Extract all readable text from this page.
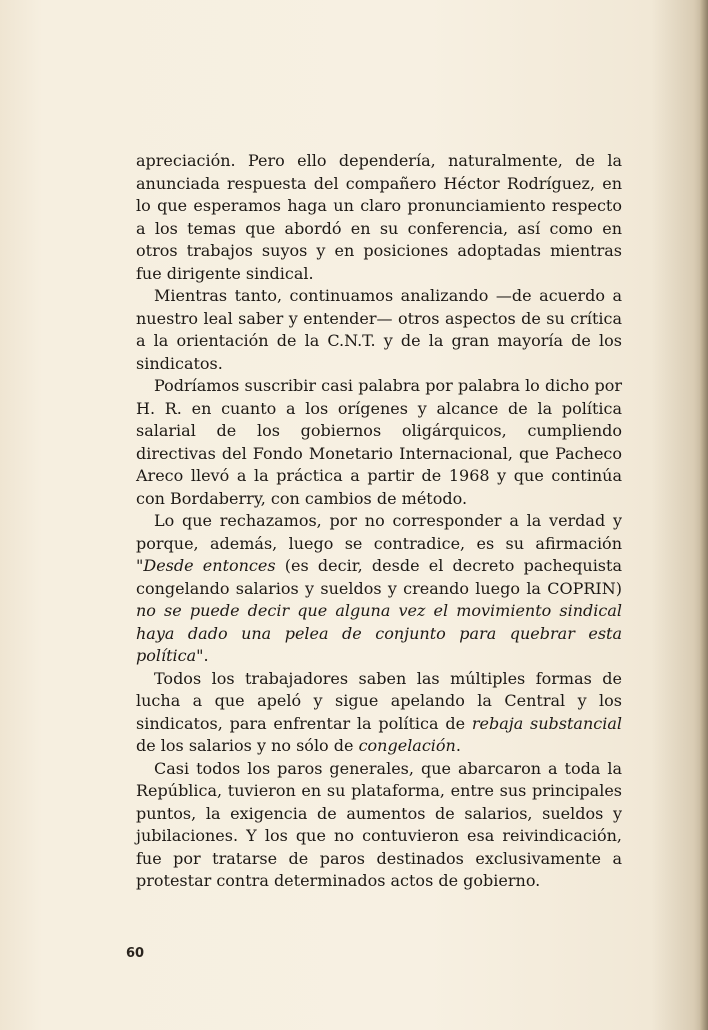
apreciación. Pero ello dependería, naturalmente, de la anunciada respuesta del compañero Héctor Rodríguez, en lo que esperamos haga un claro pronunciamiento respecto a los temas que abordó en su conferencia, así como en otros trabajos suyos y en posiciones adoptadas mientras fue dirigente sindical.

Mientras tanto, continuamos analizando —de acuerdo a nuestro leal saber y entender— otros aspectos de su crítica a la orientación de la C.N.T. y de la gran mayoría de los sindicatos.

Podríamos suscribir casi palabra por palabra lo dicho por H. R. en cuanto a los orígenes y alcance de la política salarial de los gobiernos oligárquicos, cumpliendo directivas del Fondo Monetario Internacional, que Pacheco Areco llevó a la práctica a partir de 1968 y que continúa con Bordaberry, con cambios de método.

Lo que rechazamos, por no corresponder a la verdad y porque, además, luego se contradice, es su afirmación "Desde entonces (es decir, desde el decreto pachequista congelando salarios y sueldos y creando luego la COPRIN) no se puede decir que alguna vez el movimiento sindical haya dado una pelea de conjunto para quebrar esta política".

Todos los trabajadores saben las múltiples formas de lucha a que apeló y sigue apelando la Central y los sindicatos, para enfrentar la política de rebaja substancial de los salarios y no sólo de congelación.

Casi todos los paros generales, que abarcaron a toda la República, tuvieron en su plataforma, entre sus principales puntos, la exigencia de aumentos de salarios, sueldos y jubilaciones. Y los que no contuvieron esa reivindicación, fue por tratarse de paros destinados exclusivamente a protestar contra determinados actos de gobierno.

60
